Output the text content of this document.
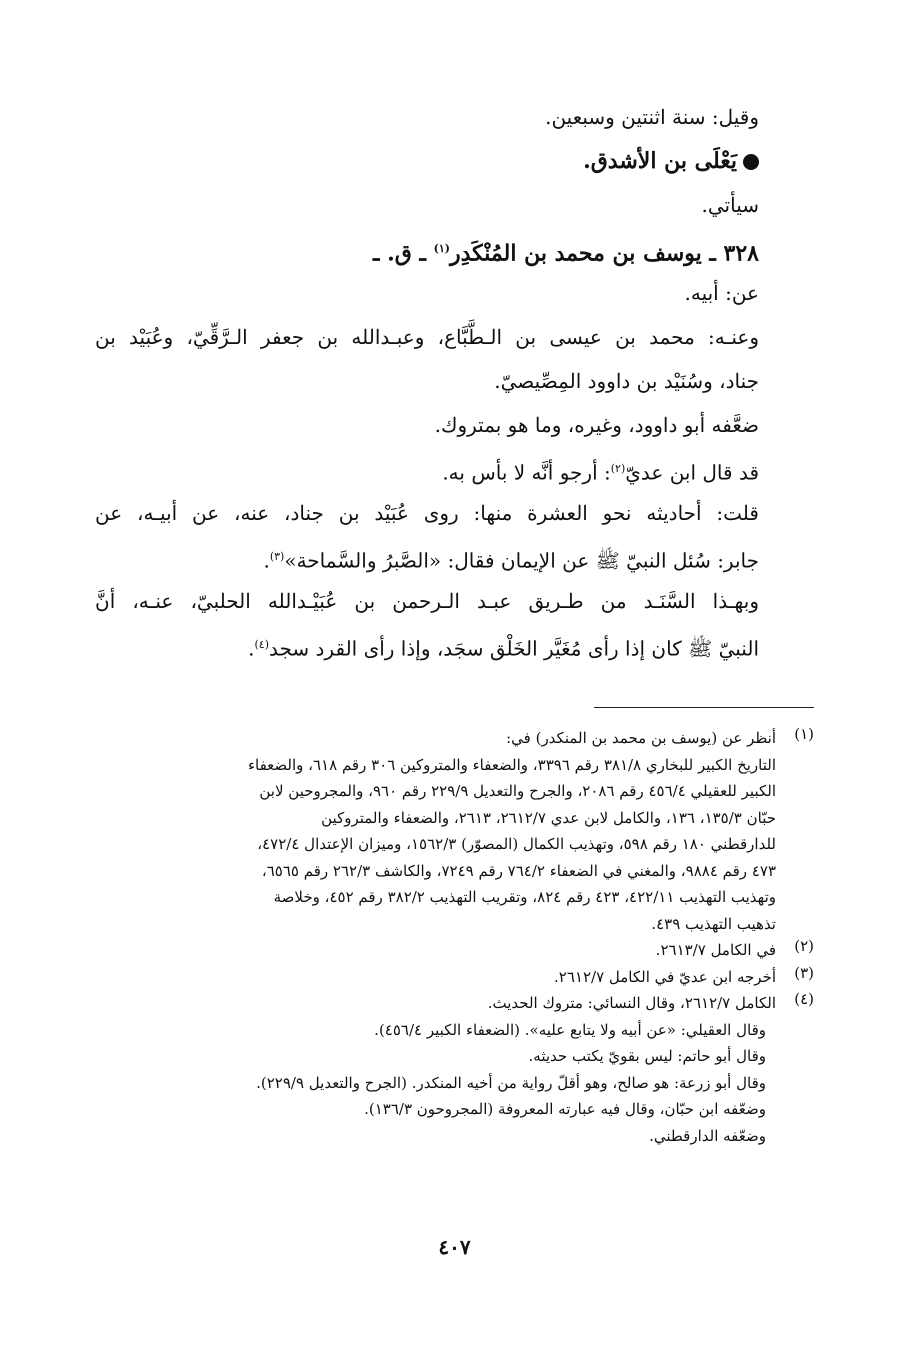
وقيل: سنة اثنتين وسبعين.
يَعْلَى بن الأشدق.
سيأتي.
٣٢٨ ـ يوسف بن محمد بن المُنْكَدِر$^{(١)}$ ـ ق. ـ
عن: أبيه.
وعنـه: محمد بن عيسى بن الـطَّبَّاع، وعبـدالله بن جعفر الـرَّقِّيّ، وعُبَيْد بن
جناد، وسُنَيْد بن داوود المِصِّيصيّ.
ضعَّفه أبو داوود، وغيره، وما هو بمتروك.
قد قال ابن عديّ$^{(٢)}$: أرجو أنَّه لا بأس به.
قلت: أحاديثه نحو العشرة منها: روى عُبَيْد بن جناد، عنه، عن أبيـه، عن
جابر: سُئل النبيّ ﷺ عن الإيمان فقال: «الصَّبرُ والسَّماحة»$^{(٣)}$.
وبهـذا السَّنَـد من طـريق عبـد الـرحمن بن عُبَيْـدالله الحلبيّ، عنـه، أنَّ
النبيّ ﷺ كان إذا رأى مُغَيَّر الخَلْق سجَد، وإذا رأى القرد سجد$^{(٤)}$.
(١)
أنظر عن (يوسف بن محمد بن المنكدر) في:
التاريخ الكبير للبخاري ٣٨١/٨ رقم ٣٣٩٦، والضعفاء والمتروكين ٣٠٦ رقم ٦١٨، والضعفاء
الكبير للعقيلي ٤٥٦/٤ رقم ٢٠٨٦، والجرح والتعديل ٢٢٩/٩ رقم ٩٦٠، والمجروحين لابن
حبّان ١٣٥/٣، ١٣٦، والكامل لابن عدي ٢٦١٢/٧، ٢٦١٣، والضعفاء والمتروكين
للدارقطني ١٨٠ رقم ٥٩٨، وتهذيب الكمال (المصوّر) ١٥٦٢/٣، وميزان الإعتدال ٤٧٢/٤،
٤٧٣ رقم ٩٨٨٤، والمغني في الضعفاء ٧٦٤/٢ رقم ٧٢٤٩، والكاشف ٢٦٢/٣ رقم ٦٥٦٥،
وتهذيب التهذيب ٤٢٢/١١، ٤٢٣ رقم ٨٢٤، وتقريب التهذيب ٣٨٢/٢ رقم ٤٥٢، وخلاصة
تذهيب التهذيب ٤٣٩.
(٢)
في الكامل ٢٦١٣/٧.
(٣)
أخرجه ابن عديّ في الكامل ٢٦١٢/٧.
(٤)
الكامل ٢٦١٢/٧، وقال النسائي: متروك الحديث.
وقال العقيلي: «عن أبيه ولا يتابع عليه». (الضعفاء الكبير ٤٥٦/٤).
وقال أبو حاتم: ليس بقويّ يكتب حديثه.
وقال أبو زرعة: هو صالح، وهو أقلّ رواية من أخيه المنكدر. (الجرح والتعديل ٢٢٩/٩).
وضعّفه ابن حبّان، وقال فيه عبارته المعروفة (المجروحون ١٣٦/٣).
وضعّفه الدارقطني.
٤٠٧
